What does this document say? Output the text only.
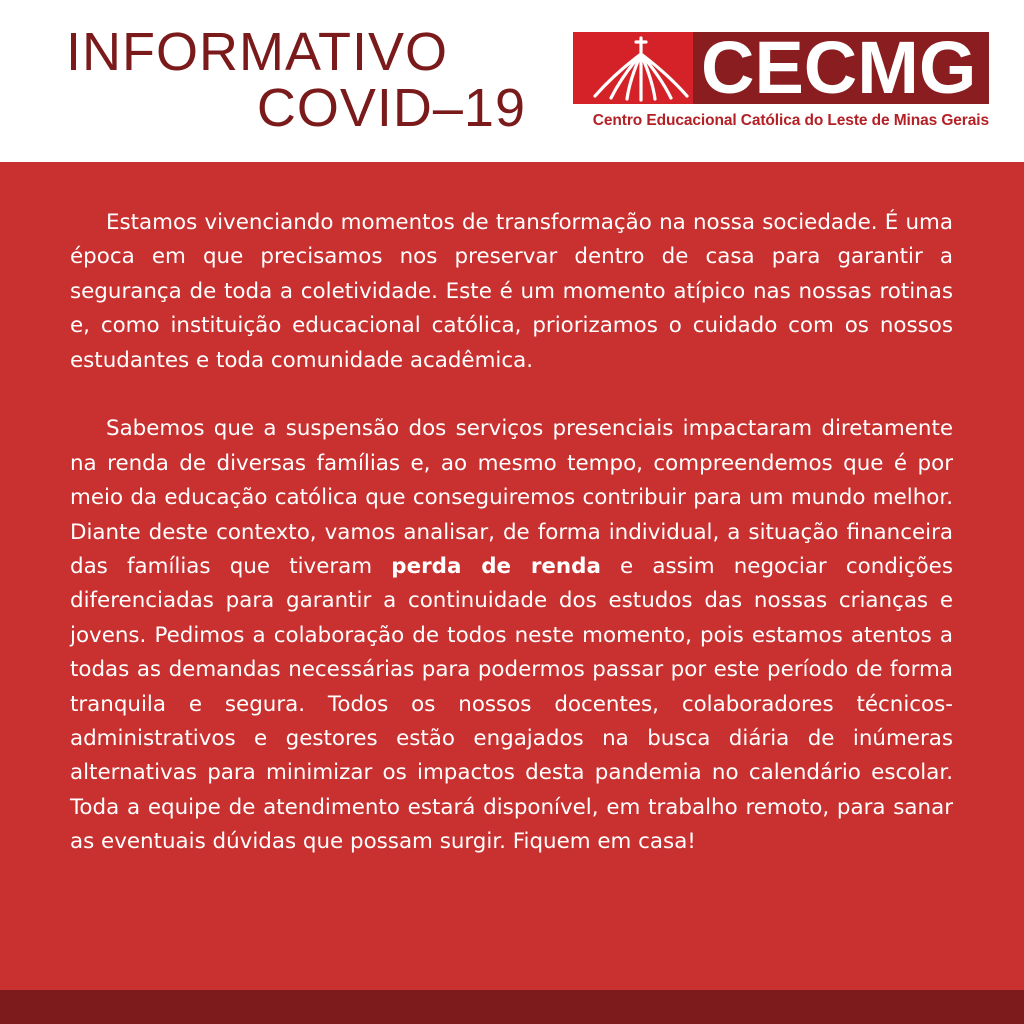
INFORMATIVO
COVID–19 CECMG
Centro Educacional Católica do Leste de Minas Gerais

Estamos vivenciando momentos de transformação na nossa sociedade. É uma época em que precisamos nos preservar dentro de casa para garantir a segurança de toda a coletividade. Este é um momento atípico nas nossas rotinas e, como instituição educacional católica, priorizamos o cuidado com os nossos estudantes e toda comunidade acadêmica.

Sabemos que a suspensão dos serviços presenciais impactaram diretamente na renda de diversas famílias e, ao mesmo tempo, compreendemos que é por meio da educação católica que conseguiremos contribuir para um mundo melhor. Diante deste contexto, vamos analisar, de forma individual, a situação financeira das famílias que tiveram perda de renda e assim negociar condições diferenciadas para garantir a continuidade dos estudos das nossas crianças e jovens. Pedimos a colaboração de todos neste momento, pois estamos atentos a todas as demandas necessárias para podermos passar por este período de forma tranquila e segura. Todos os nossos docentes, colaboradores técnicos-administrativos e gestores estão engajados na busca diária de inúmeras alternativas para minimizar os impactos desta pandemia no calendário escolar. Toda a equipe de atendimento estará disponível, em trabalho remoto, para sanar as eventuais dúvidas que possam surgir. Fiquem em casa!
